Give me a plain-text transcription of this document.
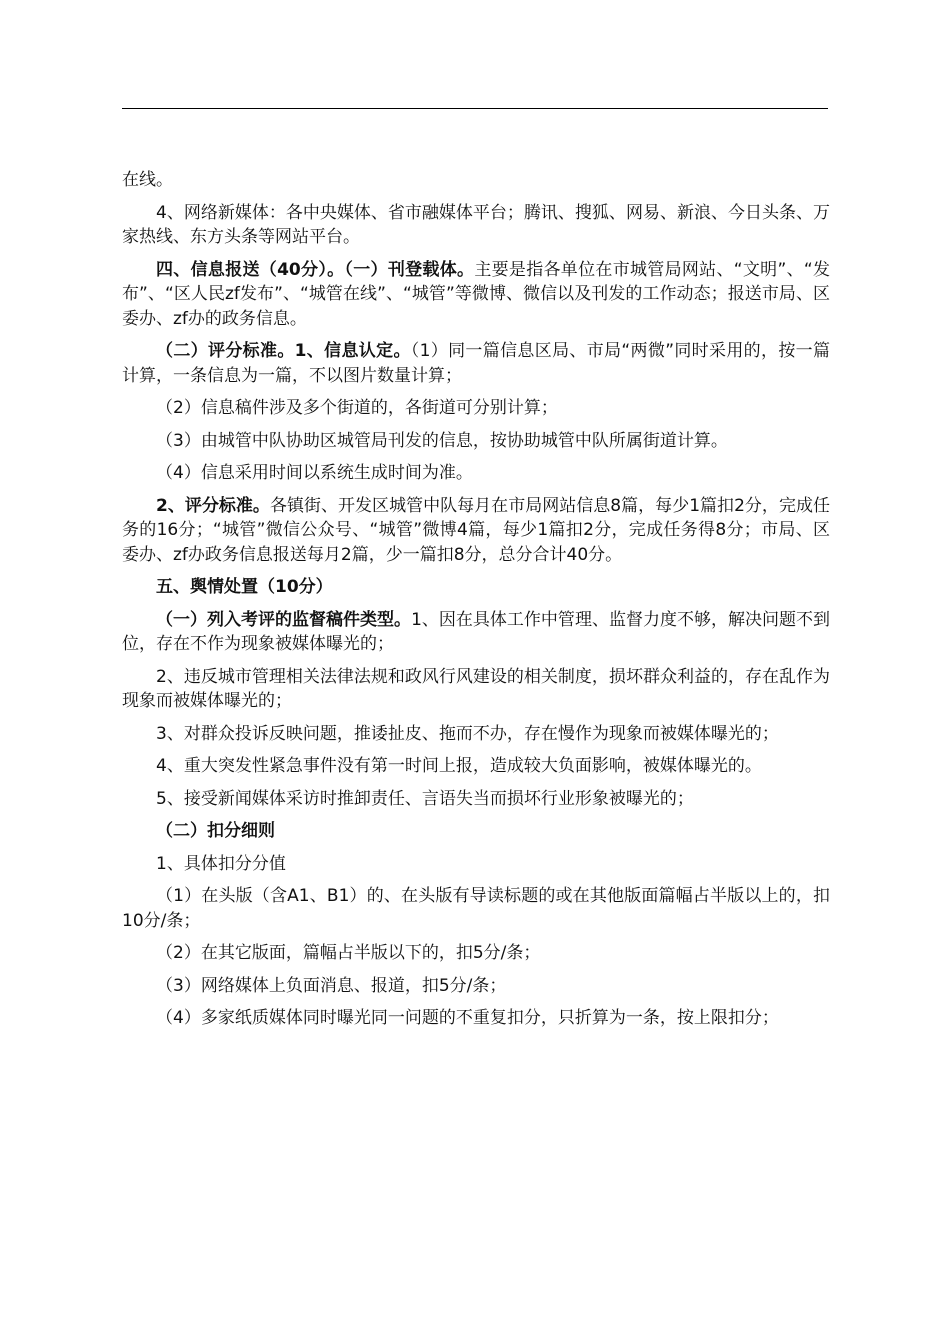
在线。

4、网络新媒体：各中央媒体、省市融媒体平台；腾讯、搜狐、网易、新浪、今日头条、万家热线、东方头条等网站平台。

四、信息报送（40分）。（一）刊登载体。主要是指各单位在市城管局网站、“文明”、“发布”、“区人民zf发布”、“城管在线”、“城管”等微博、微信以及刊发的工作动态；报送市局、区委办、zf办的政务信息。

（二）评分标准。1、信息认定。（1）同一篇信息区局、市局“两微”同时采用的，按一篇计算，一条信息为一篇，不以图片数量计算；

（2）信息稿件涉及多个街道的，各街道可分别计算；

（3）由城管中队协助区城管局刊发的信息，按协助城管中队所属街道计算。

（4）信息采用时间以系统生成时间为准。

2、评分标准。各镇街、开发区城管中队每月在市局网站信息8篇，每少1篇扣2分，完成任务的16分；“城管”微信公众号、“城管”微博4篇，每少1篇扣2分，完成任务得8分；市局、区委办、zf办政务信息报送每月2篇，少一篇扣8分，总分合计40分。

五、舆情处置（10分）

（一）列入考评的监督稿件类型。1、因在具体工作中管理、监督力度不够，解决问题不到位，存在不作为现象被媒体曝光的；

2、违反城市管理相关法律法规和政风行风建设的相关制度，损坏群众利益的，存在乱作为现象而被媒体曝光的；

3、对群众投诉反映问题，推诿扯皮、拖而不办，存在慢作为现象而被媒体曝光的；

4、重大突发性紧急事件没有第一时间上报，造成较大负面影响，被媒体曝光的。

5、接受新闻媒体采访时推卸责任、言语失当而损坏行业形象被曝光的；

（二）扣分细则

1、具体扣分分值

（1）在头版（含A1、B1）的、在头版有导读标题的或在其他版面篇幅占半版以上的，扣10分/条；

（2）在其它版面，篇幅占半版以下的，扣5分/条；

（3）网络媒体上负面消息、报道，扣5分/条；

（4）多家纸质媒体同时曝光同一问题的不重复扣分，只折算为一条，按上限扣分；
